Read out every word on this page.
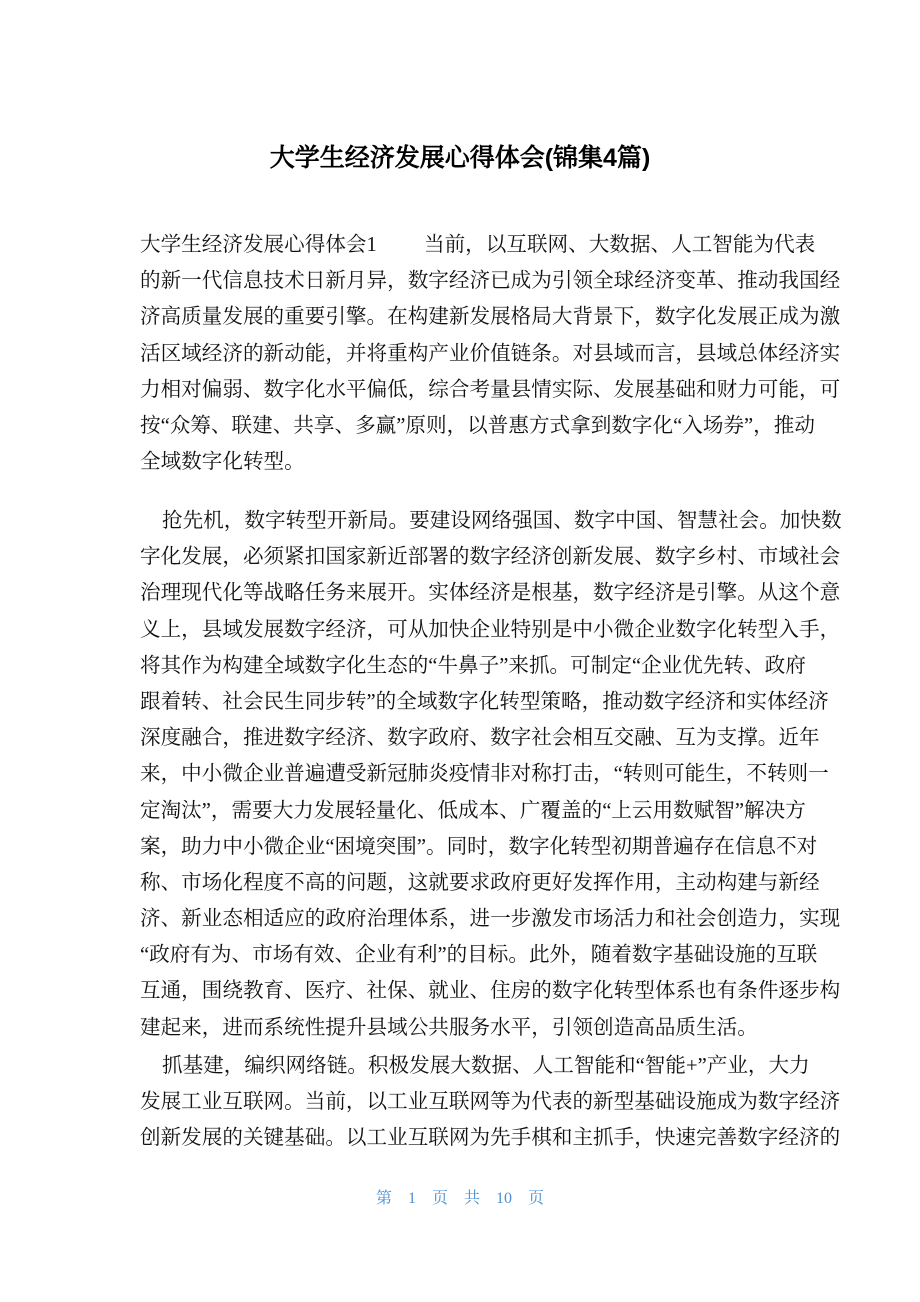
大学生经济发展心得体会(锦集4篇)
大学生经济发展心得体会1 当前，以互联网、大数据、人工智能为代表
的新一代信息技术日新月异，数字经济已成为引领全球经济变革、推动我国经
济高质量发展的重要引擎。在构建新发展格局大背景下，数字化发展正成为激
活区域经济的新动能，并将重构产业价值链条。对县域而言，县域总体经济实
力相对偏弱、数字化水平偏低，综合考量县情实际、发展基础和财力可能，可
按“众筹、联建、共享、多赢”原则，以普惠方式拿到数字化“入场券”，推动
全域数字化转型。
抢先机，数字转型开新局。要建设网络强国、数字中国、智慧社会。加快数
字化发展，必须紧扣国家新近部署的数字经济创新发展、数字乡村、市域社会
治理现代化等战略任务来展开。实体经济是根基，数字经济是引擎。从这个意
义上，县域发展数字经济，可从加快企业特别是中小微企业数字化转型入手，
将其作为构建全域数字化生态的“牛鼻子”来抓。可制定“企业优先转、政府
跟着转、社会民生同步转”的全域数字化转型策略，推动数字经济和实体经济
深度融合，推进数字经济、数字政府、数字社会相互交融、互为支撑。近年
来，中小微企业普遍遭受新冠肺炎疫情非对称打击，“转则可能生，不转则一
定淘汰”，需要大力发展轻量化、低成本、广覆盖的“上云用数赋智”解决方
案，助力中小微企业“困境突围”。同时，数字化转型初期普遍存在信息不对
称、市场化程度不高的问题，这就要求政府更好发挥作用，主动构建与新经
济、新业态相适应的政府治理体系，进一步激发市场活力和社会创造力，实现
“政府有为、市场有效、企业有利”的目标。此外，随着数字基础设施的互联
互通，围绕教育、医疗、社保、就业、住房的数字化转型体系也有条件逐步构
建起来，进而系统性提升县域公共服务水平，引领创造高品质生活。
抓基建，编织网络链。积极发展大数据、人工智能和“智能+”产业，大力
发展工业互联网。当前，以工业互联网等为代表的新型基础设施成为数字经济
创新发展的关键基础。以工业互联网为先手棋和主抓手，快速完善数字经济的
第 1 页 共 10 页
